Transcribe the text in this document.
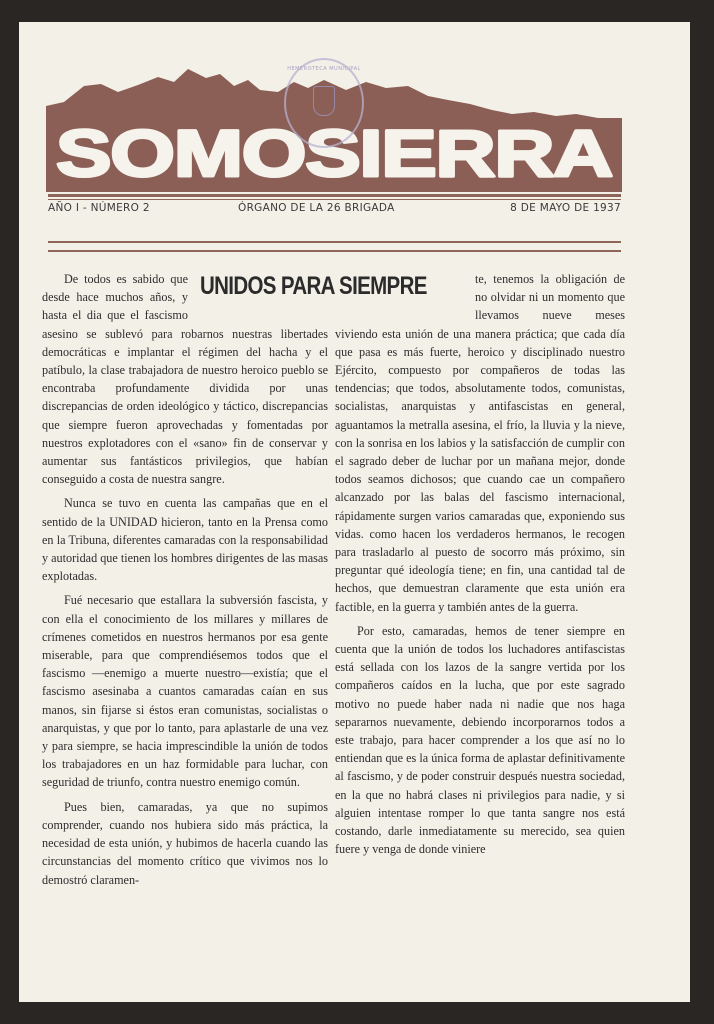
SOMOSIERRA
HEMEROTECA MUNICIPAL
AÑO I - NÚMERO 2	ÓRGANO DE LA 26 BRIGADA	8 DE MAYO DE 1937
UNIDOS PARA SIEMPRE

De todos es sabido que desde hace muchos años, y hasta el dia que el fascismo asesino se sublevó para robarnos nuestras libertades democráticas e implantar el régimen del hacha y el patíbulo, la clase trabajadora de nuestro heroico pueblo se encontraba profundamente dividida por unas discrepancias de orden ideológico y táctico, discrepancias que siempre fueron aprovechadas y fomentadas por nuestros explotadores con el «sano» fin de conservar y aumentar sus fantásticos privilegios, que habían conseguido a costa de nuestra sangre.

Nunca se tuvo en cuenta las campañas que en el sentido de la UNIDAD hicieron, tanto en la Prensa como en la Tribuna, diferentes camaradas con la responsabilidad y autoridad que tienen los hombres dirigentes de las masas explotadas.

Fué necesario que estallara la subversión fascista, y con ella el conocimiento de los millares y millares de crímenes cometidos en nuestros hermanos por esa gente miserable, para que comprendiésemos todos que el fascismo —enemigo a muerte nuestro—existía; que el fascismo asesinaba a cuantos camaradas caían en sus manos, sin fijarse si éstos eran comunistas, socialistas o anarquistas, y que por lo tanto, para aplastarle de una vez y para siempre, se hacia imprescindible la unión de todos los trabajadores en un haz formidable para luchar, con seguridad de triunfo, contra nuestro enemigo común.

Pues bien, camaradas, ya que no supimos comprender, cuando nos hubiera sido más práctica, la necesidad de esta unión, y hubimos de hacerla cuando las circunstancias del momento crítico que vivimos nos lo demostró claramen-

te, tenemos la obligación de no olvidar ni un momento que llevamos nueve meses viviendo esta unión de una manera práctica; que cada día que pasa es más fuerte, heroico y disciplinado nuestro Ejército, compuesto por compañeros de todas las tendencias; que todos, absolutamente todos, comunistas, socialistas, anarquistas y antifascistas en general, aguantamos la metralla asesina, el frío, la lluvia y la nieve, con la sonrisa en los labios y la satisfacción de cumplir con el sagrado deber de luchar por un mañana mejor, donde todos seamos dichosos; que cuando cae un compañero alcanzado por las balas del fascismo internacional, rápidamente surgen varios camaradas que, exponiendo sus vidas. como hacen los verdaderos hermanos, le recogen para trasladarlo al puesto de socorro más próximo, sin preguntar qué ideología tiene; en fin, una cantidad tal de hechos, que demuestran claramente que esta unión era factible, en la guerra y también antes de la guerra.

Por esto, camaradas, hemos de tener siempre en cuenta que la unión de todos los luchadores antifascistas está sellada con los lazos de la sangre vertida por los compañeros caídos en la lucha, que por este sagrado motivo no puede haber nada ni nadie que nos haga separarnos nuevamente, debiendo incorporarnos todos a este trabajo, para hacer comprender a los que así no lo entiendan que es la única forma de aplastar definitivamente al fascismo, y de poder construir después nuestra sociedad, en la que no habrá clases ni privilegios para nadie, y si alguien intentase romper lo que tanta sangre nos está costando, darle inmediatamente su merecido, sea quien fuere y venga de donde viniere
